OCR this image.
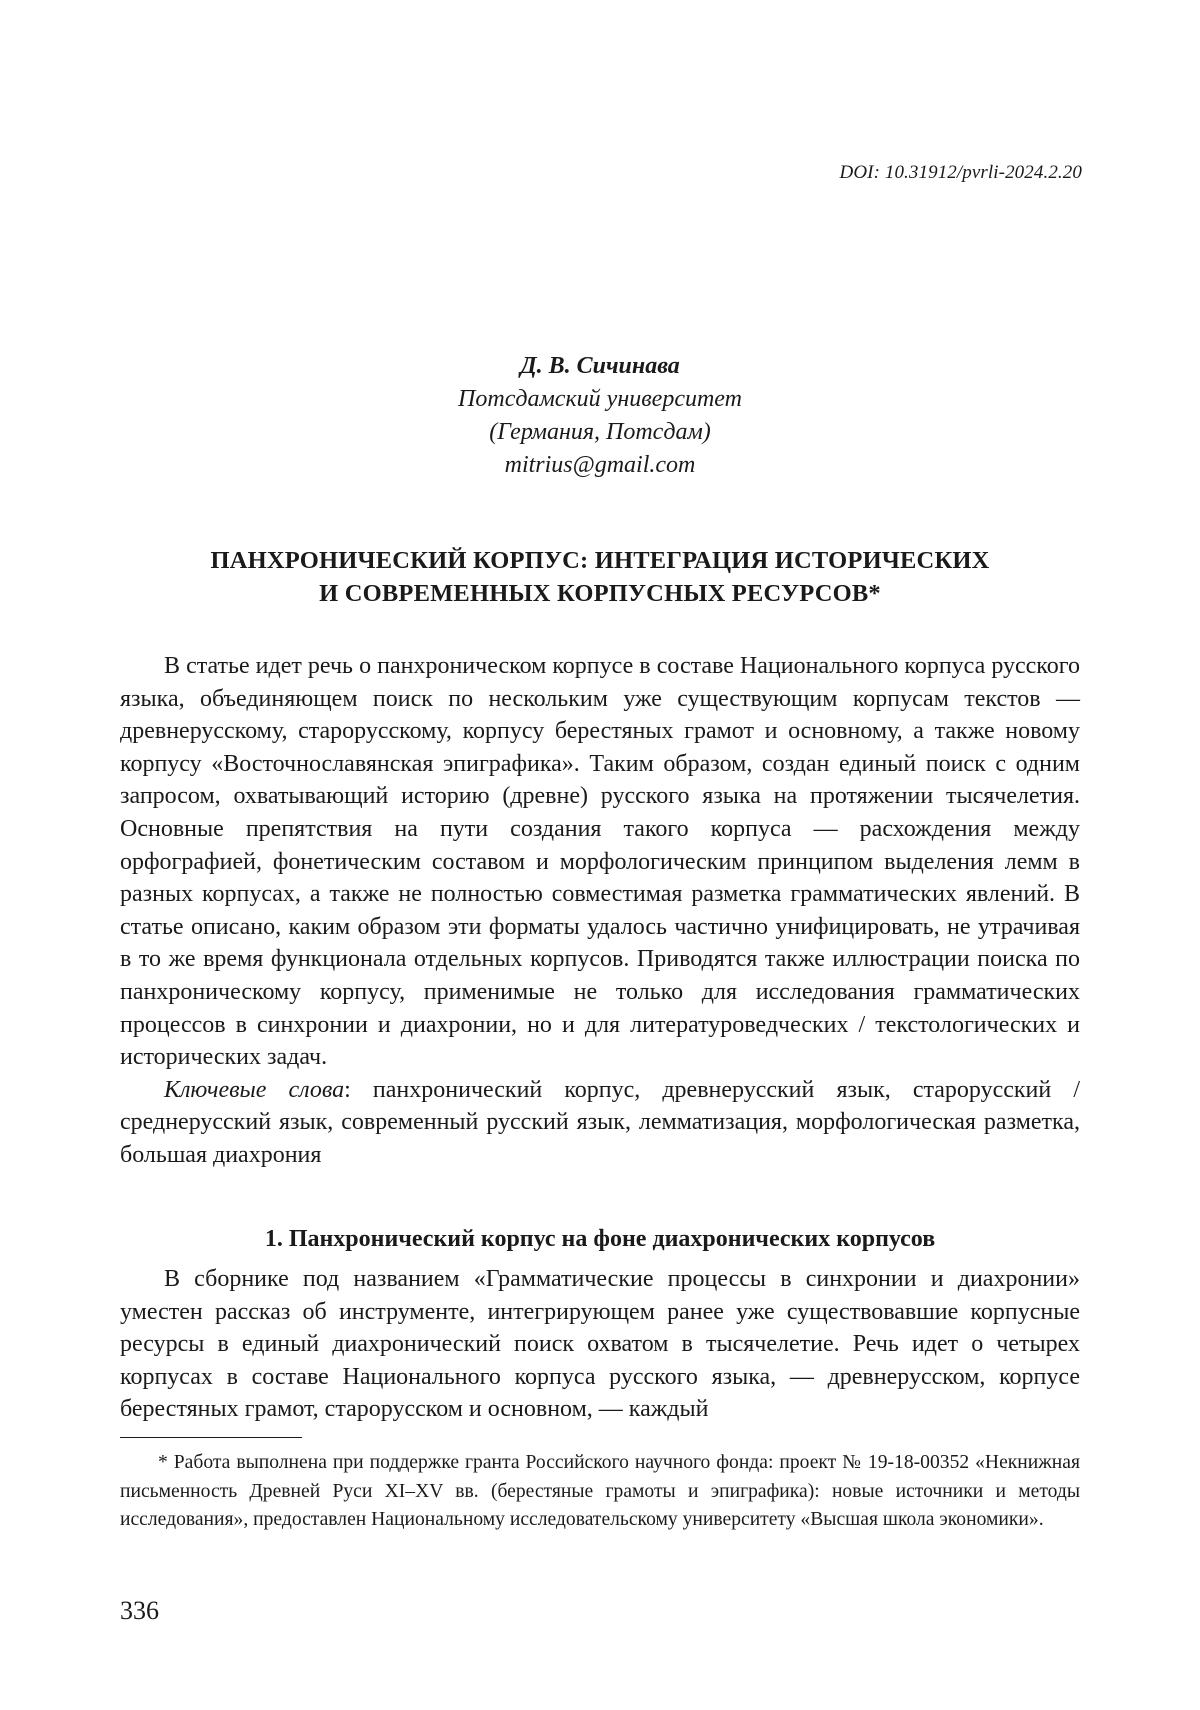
DOI: 10.31912/pvrli-2024.2.20
Д. В. Сичинава
Потсдамский университет
(Германия, Потсдам)
mitrius@gmail.com
ПАНХРОНИЧЕСКИЙ КОРПУС: ИНТЕГРАЦИЯ ИСТОРИЧЕСКИХ
И СОВРЕМЕННЫХ КОРПУСНЫХ РЕСУРСОВ*

В статье идет речь о панхроническом корпусе в составе Национального корпуса русского языка, объединяющем поиск по нескольким уже существующим корпусам текстов — древнерусскому, старорусскому, корпусу берестяных грамот и основному, а также новому корпусу «Восточнославянская эпиграфика». Таким образом, создан единый поиск с одним запросом, охватывающий историю (древне) русского языка на протяжении тысячелетия. Основные препятствия на пути создания такого корпуса — расхождения между орфографией, фонетическим составом и морфологическим принципом выделения лемм в разных корпусах, а также не полностью совместимая разметка грамматических явлений. В статье описано, каким образом эти форматы удалось частично унифицировать, не утрачивая в то же время функционала отдельных корпусов. Приводятся также иллюстрации поиска по панхроническому корпусу, применимые не только для исследования грамматических процессов в синхронии и диахронии, но и для литературоведческих / текстологических и исторических задач.

Ключевые слова: панхронический корпус, древнерусский язык, старорусский / среднерусский язык, современный русский язык, лемматизация, морфологическая разметка, большая диахрония

1. Панхронический корпус на фоне диахронических корпусов

В сборнике под названием «Грамматические процессы в синхронии и диахронии» уместен рассказ об инструменте, интегрирующем ранее уже существовавшие корпусные ресурсы в единый диахронический поиск охватом в тысячелетие. Речь идет о четырех корпусах в составе Национального корпуса русского языка, — древнерусском, корпусе берестяных грамот, старорусском и основном, — каждый

* Работа выполнена при поддержке гранта Российского научного фонда: проект № 19-18-00352 «Некнижная письменность Древней Руси XI–XV вв. (берестяные грамоты и эпиграфика): новые источники и методы исследования», предоставлен Национальному исследовательскому университету «Высшая школа экономики».

336
